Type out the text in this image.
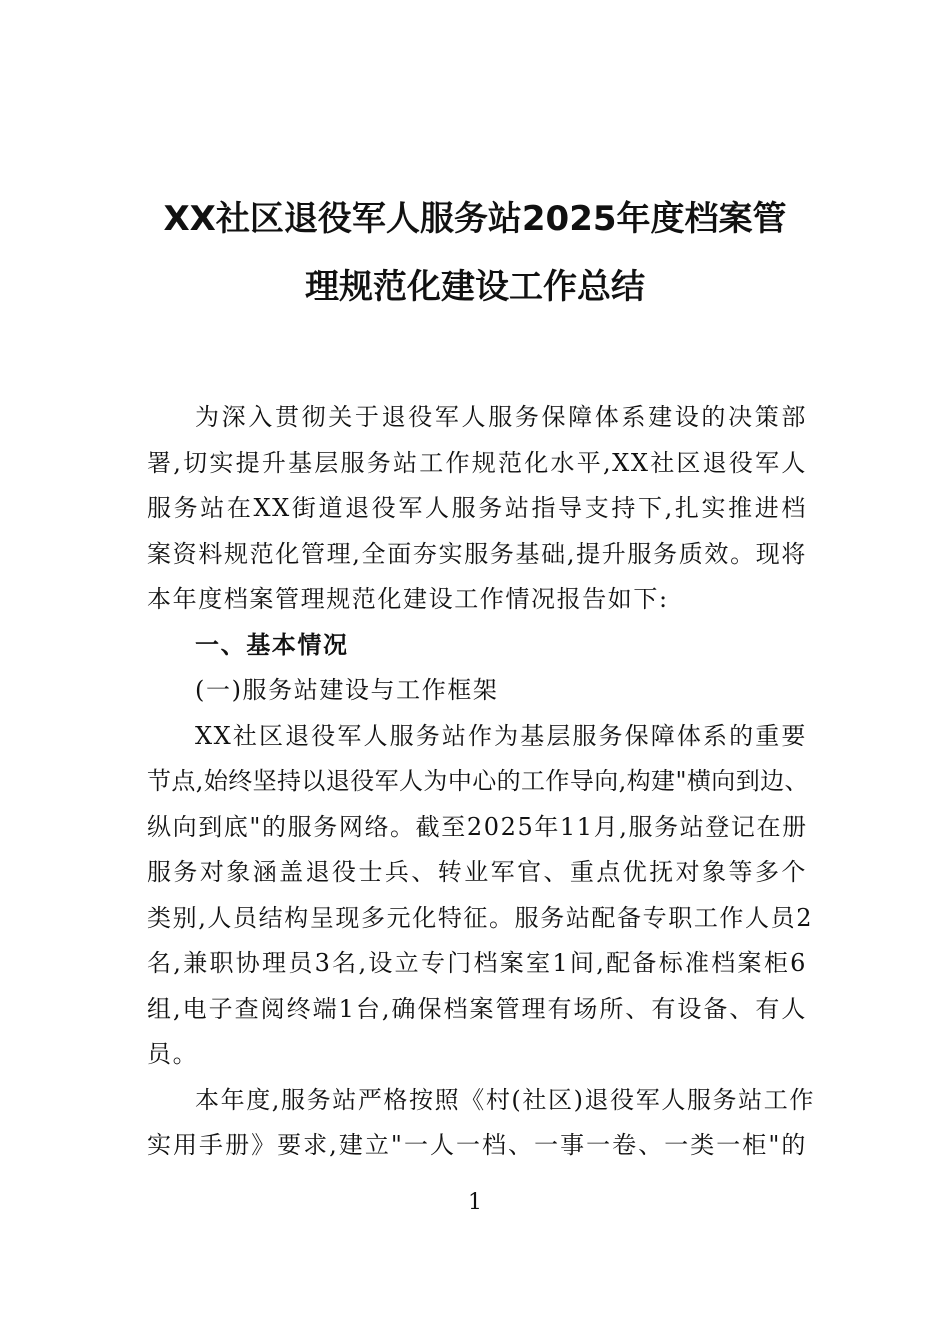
XX社区退役军人服务站2025年度档案管
理规范化建设工作总结
为深入贯彻关于退役军人服务保障体系建设的决策部
署,切实提升基层服务站工作规范化水平,XX社区退役军人
服务站在XX街道退役军人服务站指导支持下,扎实推进档
案资料规范化管理,全面夯实服务基础,提升服务质效。现将
本年度档案管理规范化建设工作情况报告如下:
一、基本情况
(一)服务站建设与工作框架
XX社区退役军人服务站作为基层服务保障体系的重要
节点,始终坚持以退役军人为中心的工作导向,构建"横向到边、
纵向到底"的服务网络。截至2025年11月,服务站登记在册
服务对象涵盖退役士兵、转业军官、重点优抚对象等多个
类别,人员结构呈现多元化特征。服务站配备专职工作人员2
名,兼职协理员3名,设立专门档案室1间,配备标准档案柜6
组,电子查阅终端1台,确保档案管理有场所、有设备、有人
员。
本年度,服务站严格按照《村(社区)退役军人服务站工作
实用手册》要求,建立"一人一档、一事一卷、一类一柜"的
1
